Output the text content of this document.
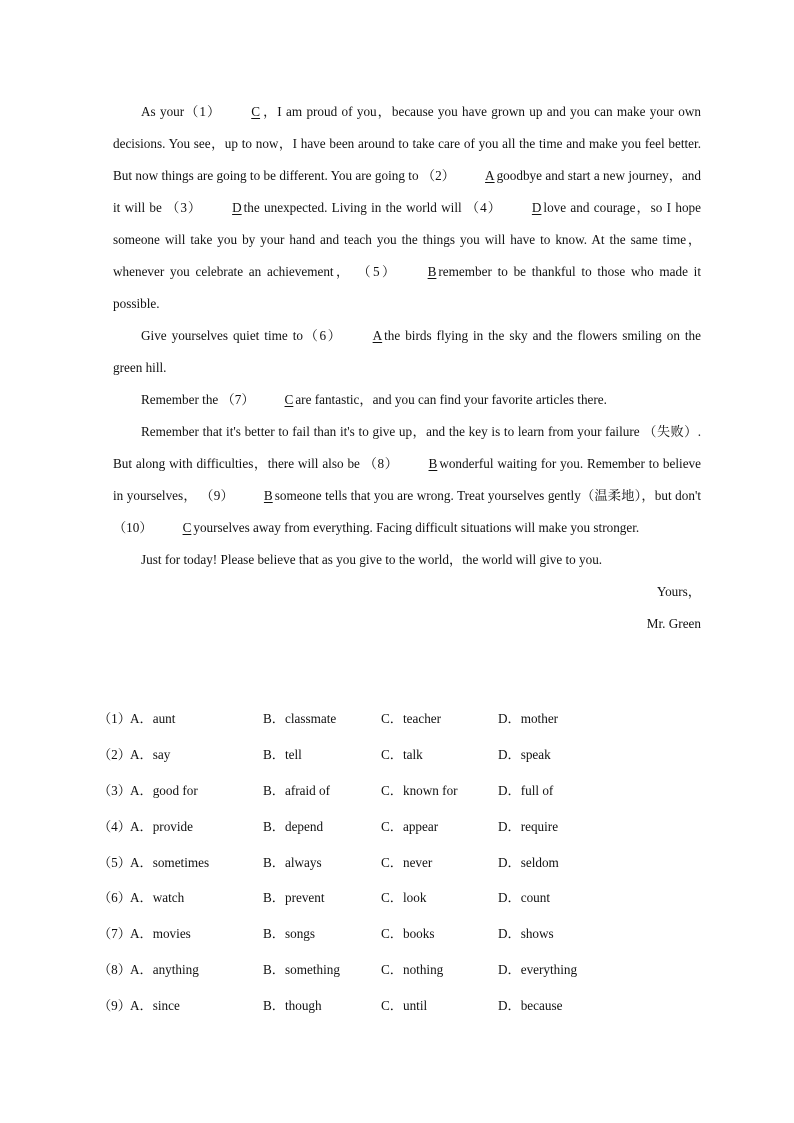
As your（1） C ，I am proud of you，because you have grown up and you can make your own decisions. You see，up to now，I have been around to take care of you all the time and make you feel better. But now things are going to be different. You are going to （2） A goodbye and start a new journey，and it will be （3） D the unexpected. Living in the world will （4） D love and courage，so I hope someone will take you by your hand and teach you the things you will have to know. At the same time，whenever you celebrate an achievement， （5） B remember to be thankful to those who made it possible.

Give yourselves quiet time to（6） A the birds flying in the sky and the flowers smiling on the green hill.

Remember the （7） C are fantastic，and you can find your favorite articles there.

Remember that it's better to fail than it's to give up，and the key is to learn from your failure （失败）. But along with difficulties，there will also be （8） B wonderful waiting for you. Remember to believe in yourselves， （9） B someone tells that you are wrong. Treat yourselves gently（温柔地），but don't（10） C yourselves away from everything. Facing difficult situations will make you stronger.

Just for today! Please believe that as you give to the world，the world will give to you.

Yours，

Mr. Green

（1） A．aunt	B．classmate	C．teacher	D．mother
（2） A．say	B．tell	C．talk	D．speak
（3） A．good for	B．afraid of	C．known for	D．full of
（4） A．provide	B．depend	C．appear	D．require
（5） A．sometimes	B．always	C．never	D．seldom
（6） A．watch	B．prevent	C．look	D．count
（7） A．movies	B．songs	C．books	D．shows
（8） A．anything	B．something	C．nothing	D．everything
（9） A．since	B．though	C．until	D．because
